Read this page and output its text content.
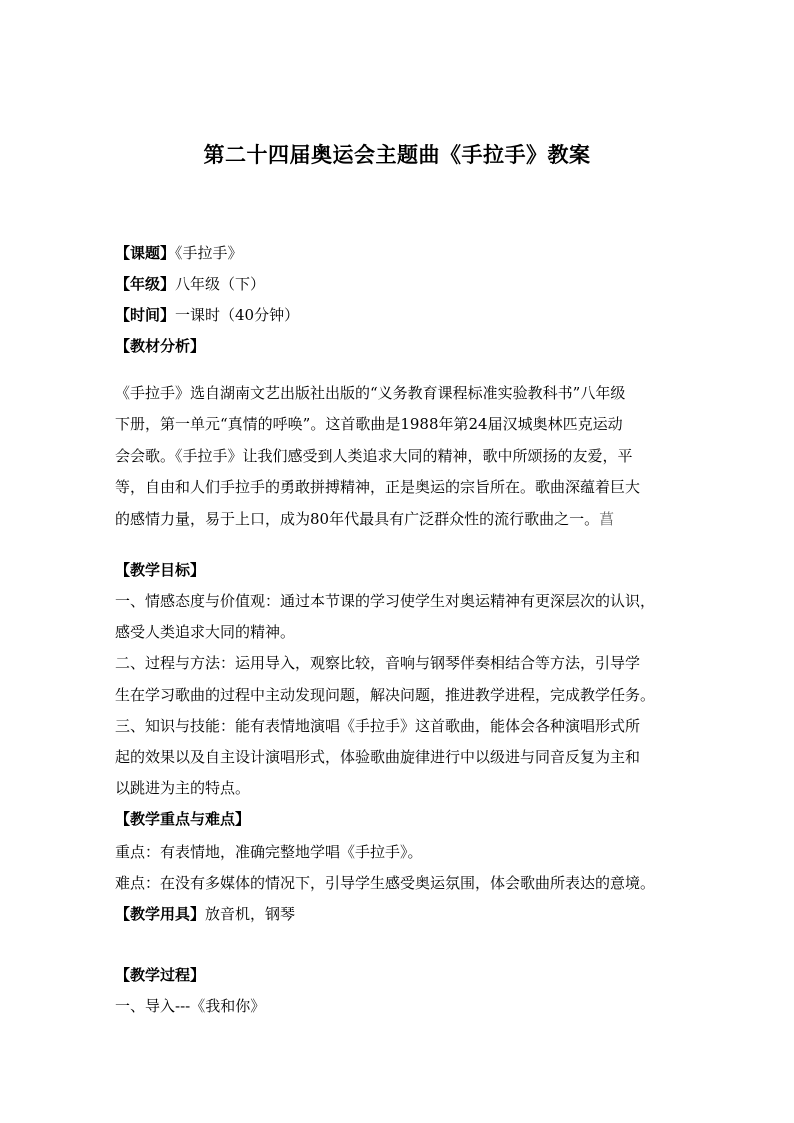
第二十四届奥运会主题曲《手拉手》教案
【课题】《手拉手》
【年级】八年级（下）
【时间】一课时（40分钟）
【教材分析】
《手拉手》选自湖南文艺出版社出版的“义务教育课程标准实验教科书”八年级
下册，第一单元“真情的呼唤”。这首歌曲是1988年第24届汉城奥林匹克运动
会会歌。《手拉手》让我们感受到人类追求大同的精神，歌中所颂扬的友爱，平
等，自由和人们手拉手的勇敢拼搏精神，正是奥运的宗旨所在。歌曲深蕴着巨大
的感情力量，易于上口，成为80年代最具有广泛群众性的流行歌曲之一。菖
【教学目标】
一、情感态度与价值观：通过本节课的学习使学生对奥运精神有更深层次的认识，
感受人类追求大同的精神。
二、过程与方法：运用导入，观察比较，音响与钢琴伴奏相结合等方法，引导学
生在学习歌曲的过程中主动发现问题，解决问题，推进教学进程，完成教学任务。
三、知识与技能：能有表情地演唱《手拉手》这首歌曲，能体会各种演唱形式所
起的效果以及自主设计演唱形式，体验歌曲旋律进行中以级进与同音反复为主和
以跳进为主的特点。
【教学重点与难点】
重点：有表情地，准确完整地学唱《手拉手》。
难点：在没有多媒体的情况下，引导学生感受奥运氛围，体会歌曲所表达的意境。
【教学用具】放音机，钢琴
【教学过程】
一、导入---《我和你》
